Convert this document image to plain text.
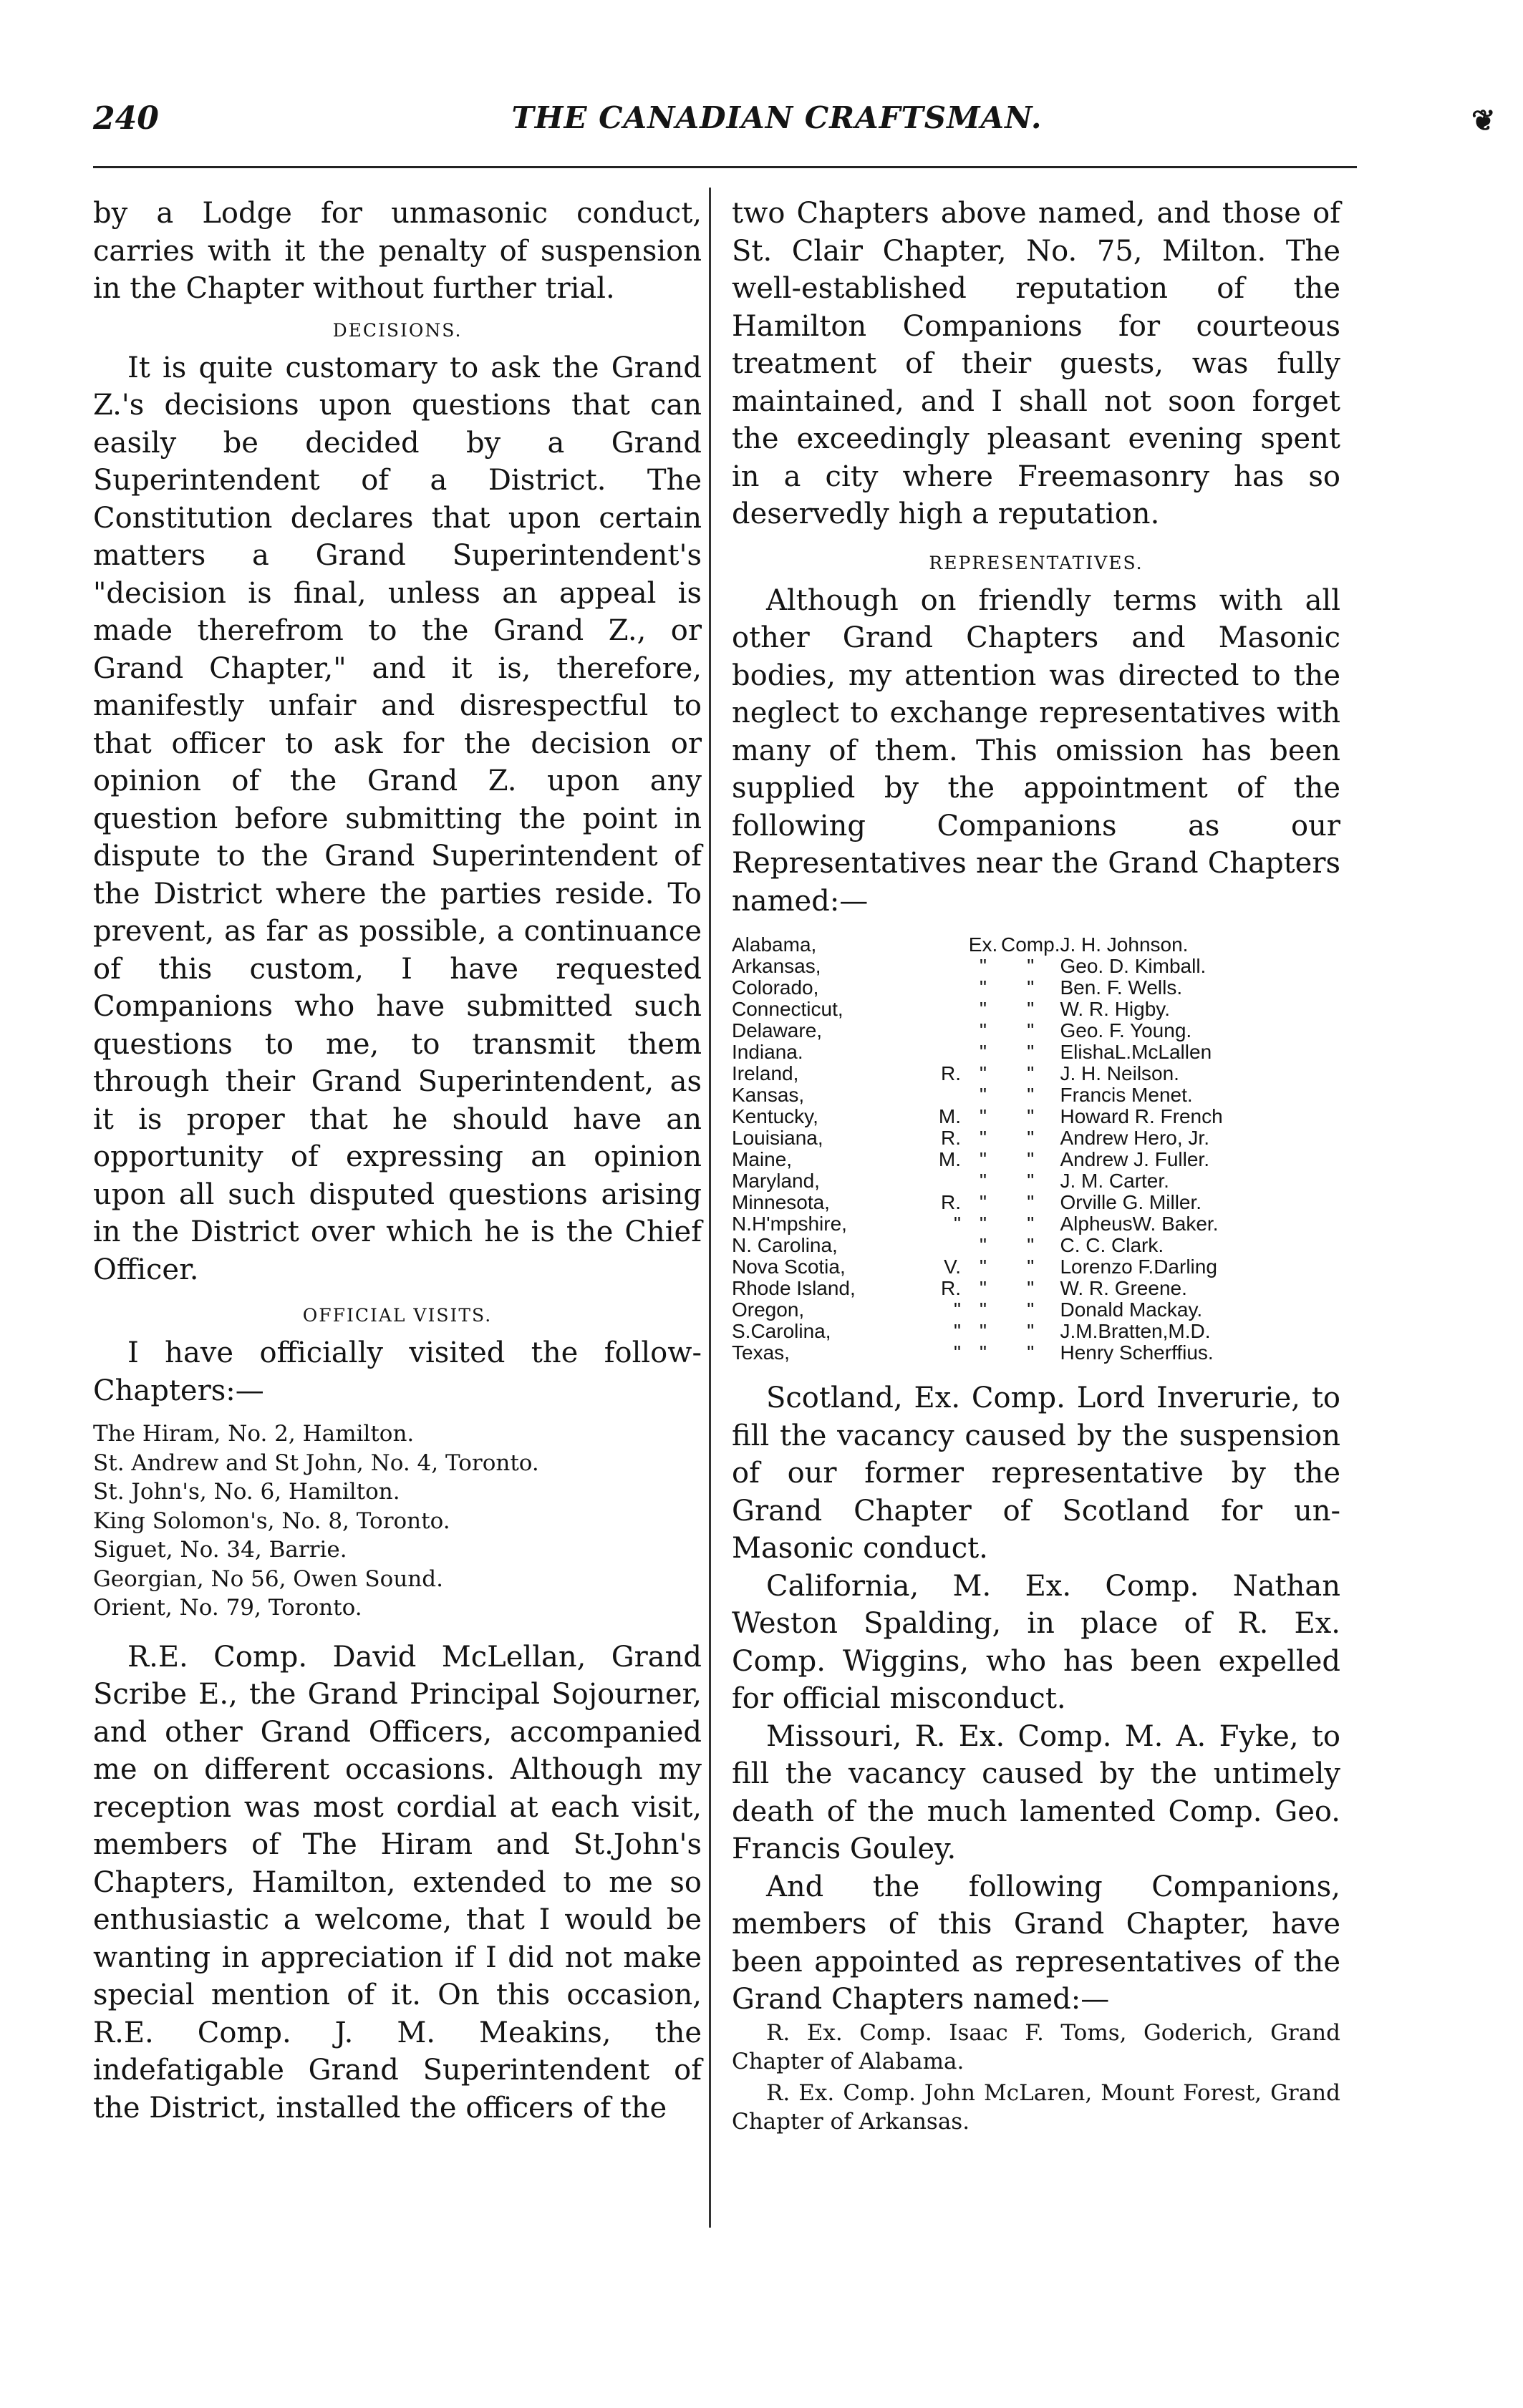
240	THE CANADIAN CRAFTSMAN.	❦

by a Lodge for unmasonic conduct, carries with it the penalty of suspension in the Chapter without further trial.

DECISIONS.

It is quite customary to ask the Grand Z.'s decisions upon questions that can easily be decided by a Grand Superintendent of a District. The Constitution declares that upon certain matters a Grand Superintendent's "decision is final, unless an appeal is made therefrom to the Grand Z., or Grand Chapter," and it is, therefore, manifestly unfair and disrespectful to that officer to ask for the decision or opinion of the Grand Z. upon any question before submitting the point in dispute to the Grand Superintendent of the District where the parties reside. To prevent, as far as possible, a continuance of this custom, I have requested Companions who have submitted such questions to me, to transmit them through their Grand Superintendent, as it is proper that he should have an opportunity of expressing an opinion upon all such disputed questions arising in the District over which he is the Chief Officer.

OFFICIAL VISITS.

I have officially visited the follow- Chapters:—

The Hiram, No. 2, Hamilton.
St. Andrew and St John, No. 4, Toronto.
St. John's, No. 6, Hamilton.
King Solomon's, No. 8, Toronto.
Siguet, No. 34, Barrie.
Georgian, No 56, Owen Sound.
Orient, No. 79, Toronto.

R.E. Comp. David McLellan, Grand Scribe E., the Grand Principal Sojourner, and other Grand Officers, accompanied me on different occasions. Although my reception was most cordial at each visit, members of The Hiram and St.John's Chapters, Hamilton, extended to me so enthusiastic a welcome, that I would be wanting in appreciation if I did not make special mention of it. On this occasion, R.E. Comp. J. M. Meakins, the indefatigable Grand Superintendent of the District, installed the officers of the

two Chapters above named, and those of St. Clair Chapter, No. 75, Milton. The well-established reputation of the Hamilton Companions for courteous treatment of their guests, was fully maintained, and I shall not soon forget the exceedingly pleasant evening spent in a city where Freemasonry has so deservedly high a reputation.

REPRESENTATIVES.

Although on friendly terms with all other Grand Chapters and Masonic bodies, my attention was directed to the neglect to exchange representatives with many of them. This omission has been supplied by the appointment of the following Companions as our Representatives near the Grand Chapters named:—

Alabama,		Ex.	Comp.	J. H. Johnson.
Arkansas,		"	"	Geo. D. Kimball.
Colorado,		"	"	Ben. F. Wells.
Connecticut,		"	"	W. R. Higby.
Delaware,		"	"	Geo. F. Young.
Indiana.		"	"	ElishaL.McLallen
Ireland,	R.	"	"	J. H. Neilson.
Kansas,		"	"	Francis Menet.
Kentucky,	M.	"	"	Howard R. French
Louisiana,	R.	"	"	Andrew Hero, Jr.
Maine,	M.	"	"	Andrew J. Fuller.
Maryland,		"	"	J. M. Carter.
Minnesota,	R.	"	"	Orville G. Miller.
N.H'mpshire,	"	"	"	AlpheusW. Baker.
N. Carolina,		"	"	C. C. Clark.
Nova Scotia,	V.	"	"	Lorenzo F.Darling
Rhode Island,	R.	"	"	W. R. Greene.
Oregon,	"	"	"	Donald Mackay.
S.Carolina,	"	"	"	J.M.Bratten,M.D.
Texas,	"	"	"	Henry Scherffius.

Scotland, Ex. Comp. Lord Inverurie, to fill the vacancy caused by the suspension of our former representative by the Grand Chapter of Scotland for un-Masonic conduct.

California, M. Ex. Comp. Nathan Weston Spalding, in place of R. Ex. Comp. Wiggins, who has been expelled for official misconduct.

Missouri, R. Ex. Comp. M. A. Fyke, to fill the vacancy caused by the untimely death of the much lamented Comp. Geo. Francis Gouley.

And the following Companions, members of this Grand Chapter, have been appointed as representatives of the Grand Chapters named:—

R. Ex. Comp. Isaac F. Toms, Goderich, Grand Chapter of Alabama.

R. Ex. Comp. John McLaren, Mount Forest, Grand Chapter of Arkansas.
